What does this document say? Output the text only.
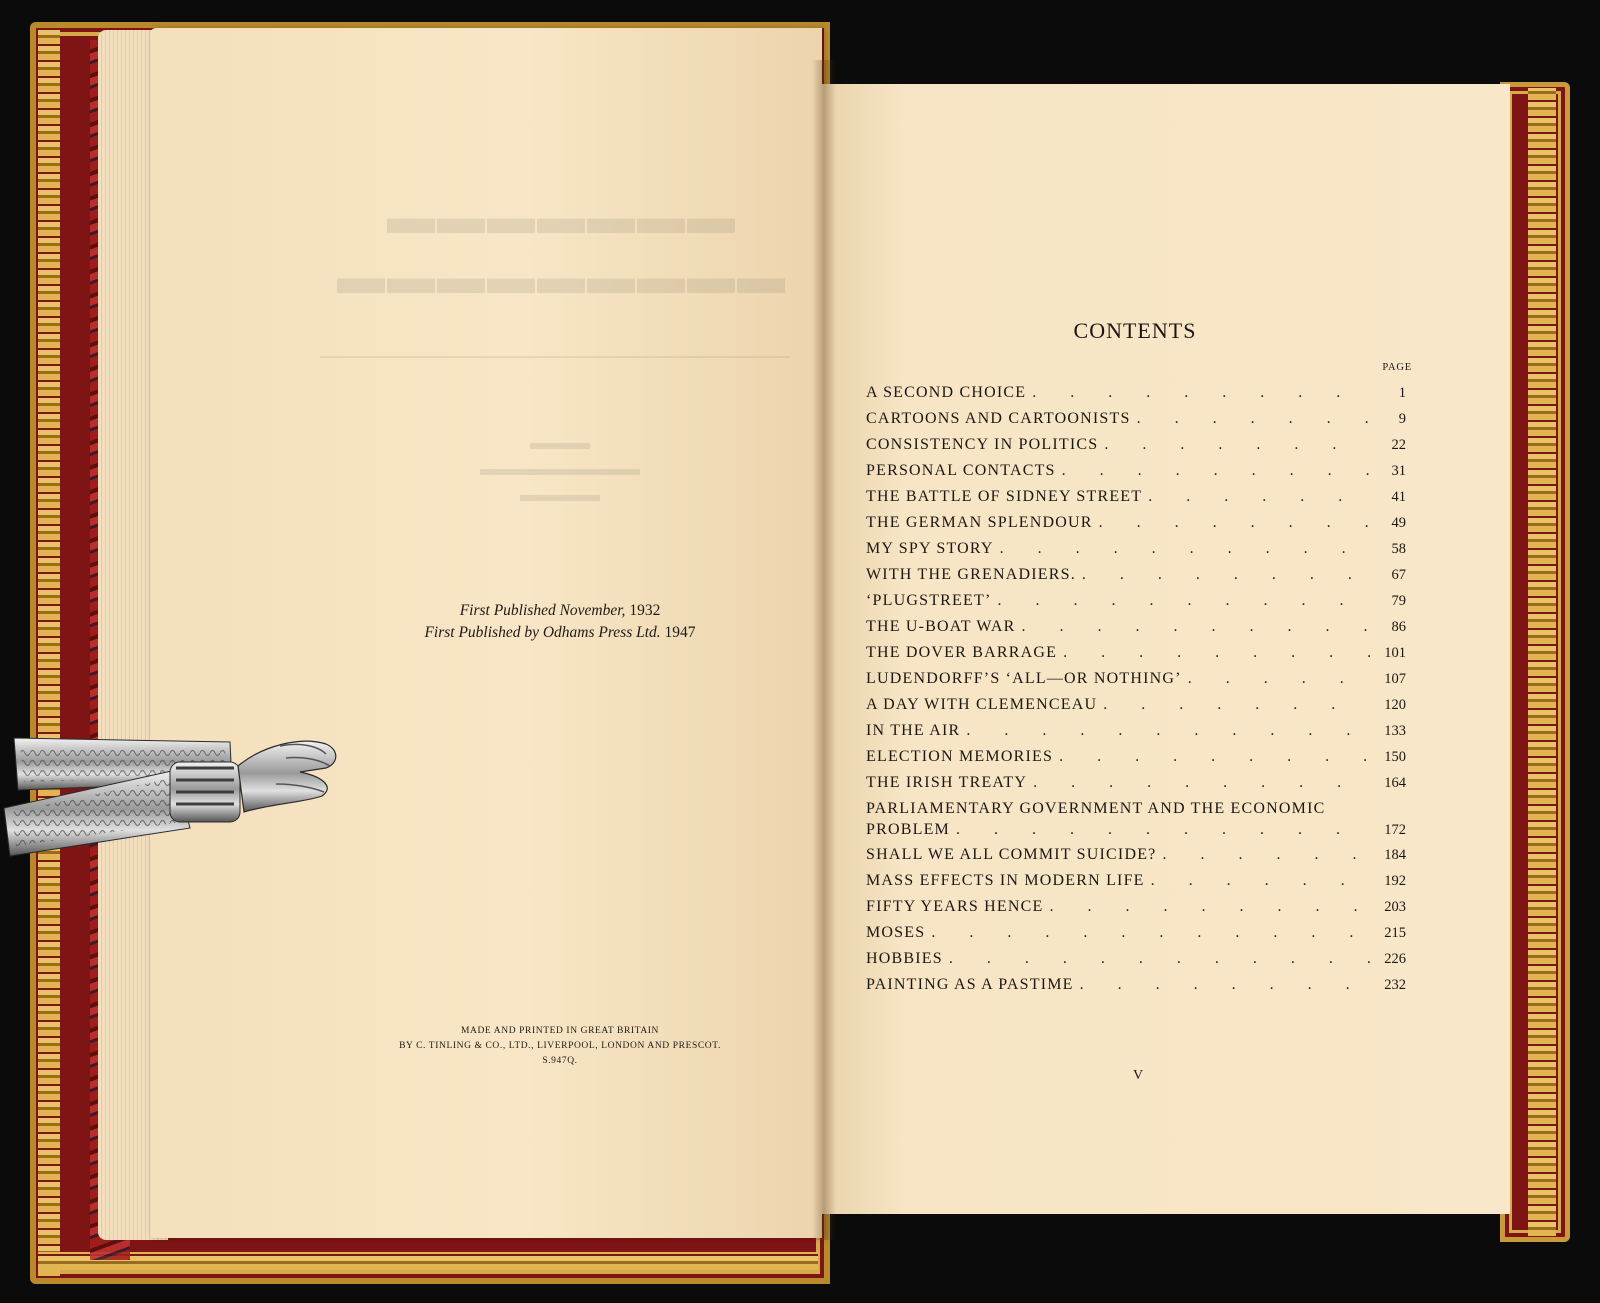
▬▬▬▬▬▬▬
▬▬▬▬▬▬▬▬▬
▬▬▬
▬▬▬▬▬▬▬▬
▬▬▬▬
First Published November, 1932
First Published by Odhams Press Ltd. 1947
MADE AND PRINTED IN GREAT BRITAIN
BY C. TINLING & CO., LTD., LIVERPOOL, LONDON AND PRESCOT.
S.947Q.
CONTENTS
PAGE
A SECOND CHOICE . . .	1
CARTOONS AND CARTOONISTS . . .	9
CONSISTENCY IN POLITICS . . .	22
PERSONAL CONTACTS . . .	31
THE BATTLE OF SIDNEY STREET . . .	41
THE GERMAN SPLENDOUR . . .	49
MY SPY STORY . . .	58
WITH THE GRENADIERS. . . .	67
‘PLUGSTREET’ . . .	79
THE U-BOAT WAR . . .	86
THE DOVER BARRAGE . . .	101
LUDENDORFF’S ‘ALL—OR NOTHING’ . . .	107
A DAY WITH CLEMENCEAU . . .	120
IN THE AIR . . .	133
ELECTION MEMORIES . . .	150
THE IRISH TREATY . . .	164
PARLIAMENTARY GOVERNMENT AND THE ECONOMIC
PROBLEM . . .	172
SHALL WE ALL COMMIT SUICIDE? . . .	184
MASS EFFECTS IN MODERN LIFE . . .	192
FIFTY YEARS HENCE . . .	203
MOSES . . .	215
HOBBIES . . .	226
PAINTING AS A PASTIME . . .	232
V
